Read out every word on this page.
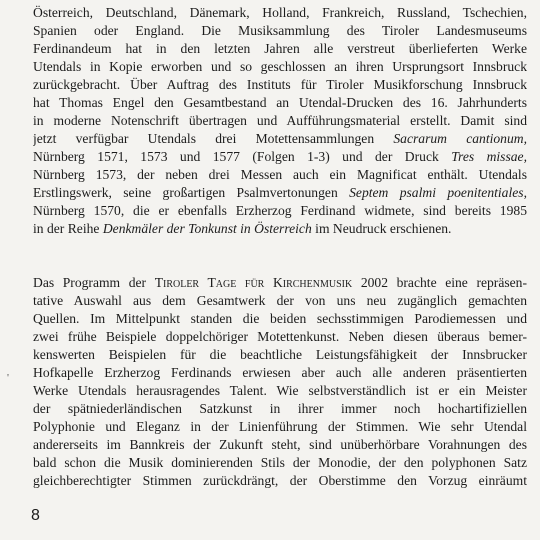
Österreich, Deutschland, Dänemark, Holland, Frankreich, Russland, Tschechien,
Spanien oder England. Die Musiksammlung des Tiroler Landesmuseums
Ferdinandeum hat in den letzten Jahren alle verstreut überlieferten Werke
Utendals in Kopie erworben und so geschlossen an ihren Ursprungsort Innsbruck
zurückgebracht. Über Auftrag des Instituts für Tiroler Musikforschung Innsbruck
hat Thomas Engel den Gesamtbestand an Utendal-Drucken des 16. Jahrhunderts
in moderne Notenschrift übertragen und Aufführungsmaterial erstellt. Damit sind
jetzt verfügbar Utendals drei Motettensammlungen Sacrarum cantionum,
Nürnberg 1571, 1573 und 1577 (Folgen 1-3) und der Druck Tres missae,
Nürnberg 1573, der neben drei Messen auch ein Magnificat enthält. Utendals
Erstlingswerk, seine großartigen Psalmvertonungen Septem psalmi poenitentiales,
Nürnberg 1570, die er ebenfalls Erzherzog Ferdinand widmete, sind bereits 1985
in der Reihe Denkmäler der Tonkunst in Österreich im Neudruck erschienen.
Das Programm der Tiroler Tage für Kirchenmusik 2002 brachte eine repräsen-
tative Auswahl aus dem Gesamtwerk der von uns neu zugänglich gemachten
Quellen. Im Mittelpunkt standen die beiden sechsstimmigen Parodiemessen und
zwei frühe Beispiele doppelchöriger Motettenkunst. Neben diesen überaus bemer-
kenswerten Beispielen für die beachtliche Leistungsfähigkeit der Innsbrucker
Hofkapelle Erzherzog Ferdinands erwiesen aber auch alle anderen präsentierten
Werke Utendals herausragendes Talent. Wie selbstverständlich ist er ein Meister
der spätniederländischen Satzkunst in ihrer immer noch hochartifiziellen
Polyphonie und Eleganz in der Linienführung der Stimmen. Wie sehr Utendal
andererseits im Bannkreis der Zukunft steht, sind unüberhörbare Vorahnungen des
bald schon die Musik dominierenden Stils der Monodie, der den polyphonen Satz
gleichberechtigter Stimmen zurückdrängt, der Oberstimme den Vorzug einräumt
'
8
